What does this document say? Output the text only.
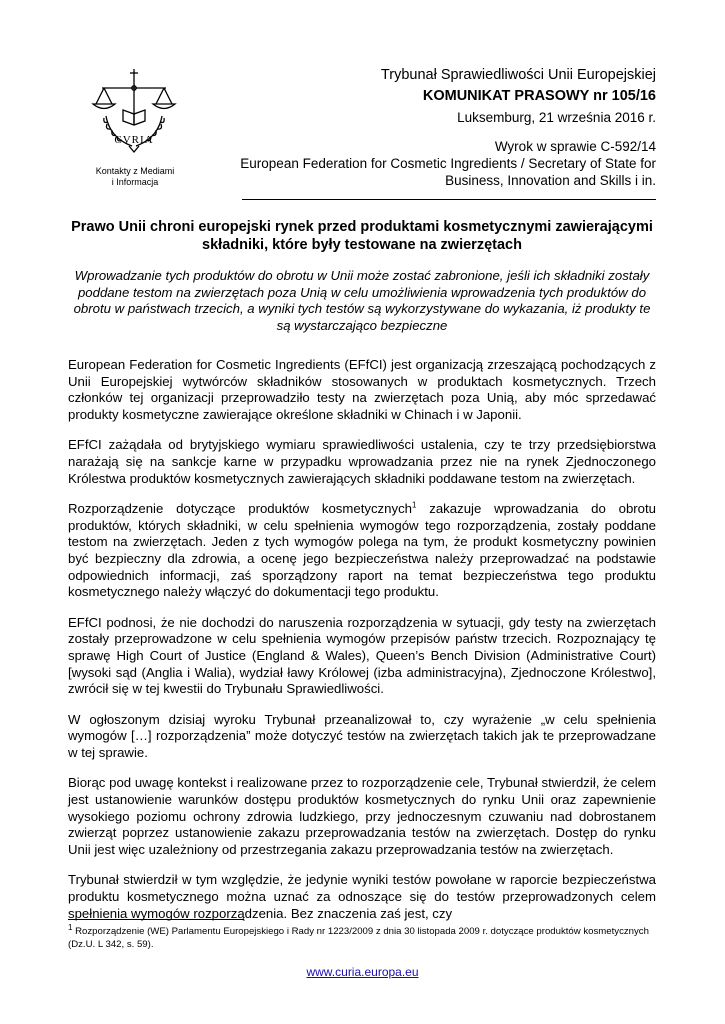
CVRIA
Kontakty z Mediami
i Informacja
Trybunał Sprawiedliwości Unii Europejskiej
KOMUNIKAT PRASOWY nr 105/16
Luksemburg, 21 września 2016 r.
Wyrok w sprawie C-592/14
European Federation for Cosmetic Ingredients / Secretary of State for
Business, Innovation and Skills i in.
Prawo Unii chroni europejski rynek przed produktami kosmetycznymi zawierającymi
składniki, które były testowane na zwierzętach
Wprowadzanie tych produktów do obrotu w Unii może zostać zabronione, jeśli ich składniki zostały poddane testom na zwierzętach poza Unią w celu umożliwienia wprowadzenia tych produktów do obrotu w państwach trzecich, a wyniki tych testów są wykorzystywane do wykazania, iż produkty te są wystarczająco bezpieczne

European Federation for Cosmetic Ingredients (EFfCI) jest organizacją zrzeszającą pochodzących z Unii Europejskiej wytwórców składników stosowanych w produktach kosmetycznych. Trzech członków tej organizacji przeprowadziło testy na zwierzętach poza Unią, aby móc sprzedawać produkty kosmetyczne zawierające określone składniki w Chinach i w Japonii.

EFfCI zażądała od brytyjskiego wymiaru sprawiedliwości ustalenia, czy te trzy przedsiębiorstwa narażają się na sankcje karne w przypadku wprowadzania przez nie na rynek Zjednoczonego Królestwa produktów kosmetycznych zawierających składniki poddawane testom na zwierzętach.

Rozporządzenie dotyczące produktów kosmetycznych$^1$ zakazuje wprowadzania do obrotu produktów, których składniki, w celu spełnienia wymogów tego rozporządzenia, zostały poddane testom na zwierzętach. Jeden z tych wymogów polega na tym, że produkt kosmetyczny powinien być bezpieczny dla zdrowia, a ocenę jego bezpieczeństwa należy przeprowadzać na podstawie odpowiednich informacji, zaś sporządzony raport na temat bezpieczeństwa tego produktu kosmetycznego należy włączyć do dokumentacji tego produktu.

EFfCI podnosi, że nie dochodzi do naruszenia rozporządzenia w sytuacji, gdy testy na zwierzętach zostały przeprowadzone w celu spełnienia wymogów przepisów państw trzecich. Rozpoznający tę sprawę High Court of Justice (England & Wales), Queen’s Bench Division (Administrative Court) [wysoki sąd (Anglia i Walia), wydział ławy Królowej (izba administracyjna), Zjednoczone Królestwo], zwrócił się w tej kwestii do Trybunału Sprawiedliwości.

W ogłoszonym dzisiaj wyroku Trybunał przeanalizował to, czy wyrażenie „w celu spełnienia wymogów […] rozporządzenia” może dotyczyć testów na zwierzętach takich jak te przeprowadzane w tej sprawie.

Biorąc pod uwagę kontekst i realizowane przez to rozporządzenie cele, Trybunał stwierdził, że celem jest ustanowienie warunków dostępu produktów kosmetycznych do rynku Unii oraz zapewnienie wysokiego poziomu ochrony zdrowia ludzkiego, przy jednoczesnym czuwaniu nad dobrostanem zwierząt poprzez ustanowienie zakazu przeprowadzania testów na zwierzętach. Dostęp do rynku Unii jest więc uzależniony od przestrzegania zakazu przeprowadzania testów na zwierzętach.

Trybunał stwierdził w tym względzie, że jedynie wyniki testów powołane w raporcie bezpieczeństwa produktu kosmetycznego można uznać za odnoszące się do testów przeprowadzonych celem spełnienia wymogów rozporządzenia. Bez znaczenia zaś jest, czy

$^1$ Rozporządzenie (WE) Parlamentu Europejskiego i Rady nr 1223/2009 z dnia 30 listopada 2009 r. dotyczące produktów kosmetycznych (Dz.U. L 342, s. 59).
www.curia.europa.eu
